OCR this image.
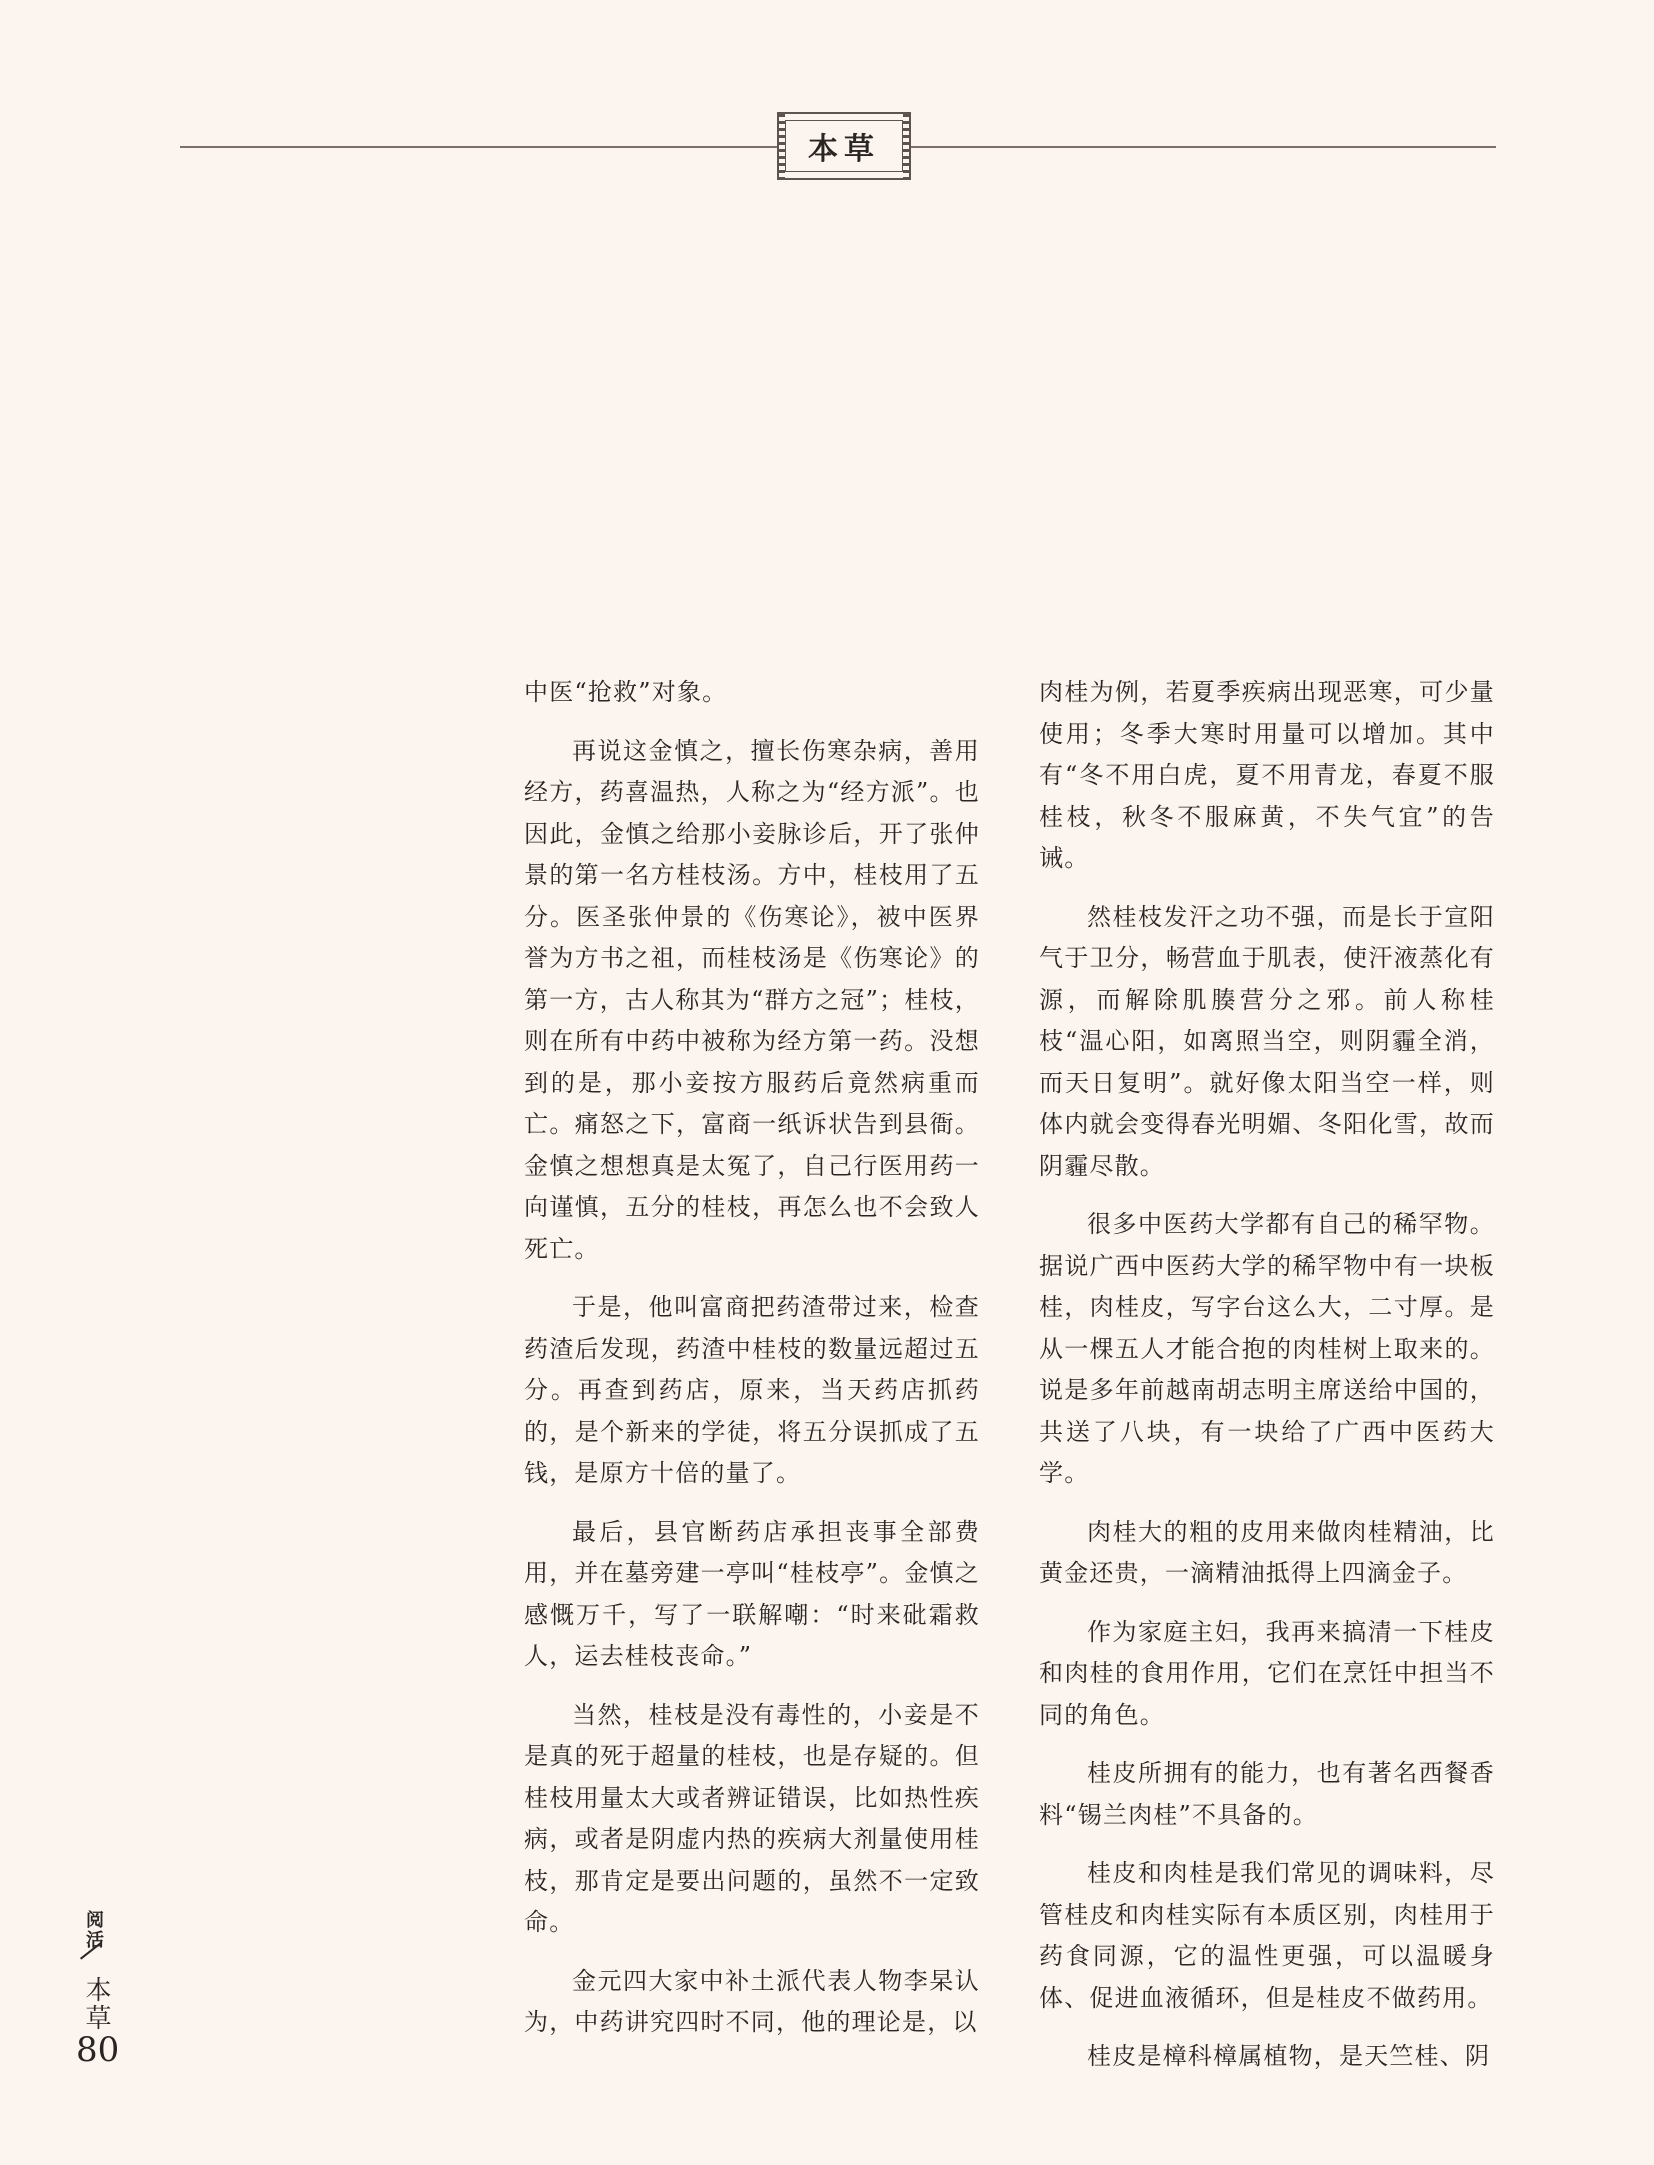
本草

中医“抢救”对象。

再说这金慎之，擅长伤寒杂病，善用经方，药喜温热，人称之为“经方派”。也因此，金慎之给那小妾脉诊后，开了张仲景的第一名方桂枝汤。方中，桂枝用了五分。医圣张仲景的《伤寒论》，被中医界誉为方书之祖，而桂枝汤是《伤寒论》的第一方，古人称其为“群方之冠”；桂枝，则在所有中药中被称为经方第一药。没想到的是，那小妾按方服药后竟然病重而亡。痛怒之下，富商一纸诉状告到县衙。金慎之想想真是太冤了，自己行医用药一向谨慎，五分的桂枝，再怎么也不会致人死亡。

于是，他叫富商把药渣带过来，检查药渣后发现，药渣中桂枝的数量远超过五分。再查到药店，原来，当天药店抓药的，是个新来的学徒，将五分误抓成了五钱，是原方十倍的量了。

最后，县官断药店承担丧事全部费用，并在墓旁建一亭叫“桂枝亭”。金慎之感慨万千，写了一联解嘲：“时来砒霜救人，运去桂枝丧命。”

当然，桂枝是没有毒性的，小妾是不是真的死于超量的桂枝，也是存疑的。但桂枝用量太大或者辨证错误，比如热性疾病，或者是阴虚内热的疾病大剂量使用桂枝，那肯定是要出问题的，虽然不一定致命。

金元四大家中补土派代表人物李杲认为，中药讲究四时不同，他的理论是，以

肉桂为例，若夏季疾病出现恶寒，可少量使用；冬季大寒时用量可以增加。其中有“冬不用白虎，夏不用青龙，春夏不服桂枝，秋冬不服麻黄，不失气宜”的告诫。

然桂枝发汗之功不强，而是长于宣阳气于卫分，畅营血于肌表，使汗液蒸化有源，而解除肌腠营分之邪。前人称桂枝“温心阳，如离照当空，则阴霾全消，而天日复明”。就好像太阳当空一样，则体内就会变得春光明媚、冬阳化雪，故而阴霾尽散。

很多中医药大学都有自己的稀罕物。据说广西中医药大学的稀罕物中有一块板桂，肉桂皮，写字台这么大，二寸厚。是从一棵五人才能合抱的肉桂树上取来的。说是多年前越南胡志明主席送给中国的，共送了八块，有一块给了广西中医药大学。

肉桂大的粗的皮用来做肉桂精油，比黄金还贵，一滴精油抵得上四滴金子。

作为家庭主妇，我再来搞清一下桂皮和肉桂的食用作用，它们在烹饪中担当不同的角色。

桂皮所拥有的能力，也有著名西餐香料“锡兰肉桂”不具备的。

桂皮和肉桂是我们常见的调味料，尽管桂皮和肉桂实际有本质区别，肉桂用于药食同源，它的温性更强，可以温暖身体、促进血液循环，但是桂皮不做药用。

桂皮是樟科樟属植物，是天竺桂、阴

阅活
本草
80
